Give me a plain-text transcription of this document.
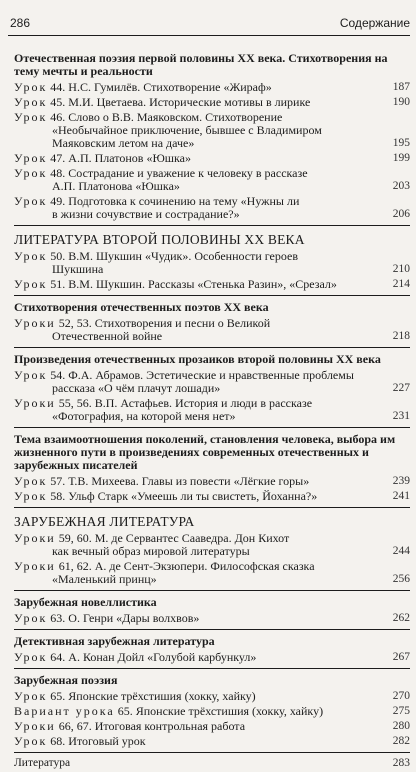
286	Содержание
Отечественная поэзия первой половины XX века. Стихотворения на тему мечты и реальности
Урок 44. Н.С. Гумилёв. Стихотворение «Жираф»	187
Урок 45. М.И. Цветаева. Исторические мотивы в лирике	190
Урок 46. Слово о В.В. Маяковском. Стихотворение
«Необычайное приключение, бывшее с Владимиром Маяковским летом на даче»	195
Урок 47. А.П. Платонов «Юшка»	199
Урок 48. Сострадание и уважение к человеку в рассказе
А.П. Платонова «Юшка»	203
Урок 49. Подготовка к сочинению на тему «Нужны ли
в жизни сочувствие и сострадание?»	206
ЛИТЕРАТУРА ВТОРОЙ ПОЛОВИНЫ XX ВЕКА
Урок 50. В.М. Шукшин «Чудик». Особенности героев
Шукшина	210
Урок 51. В.М. Шукшин. Рассказы «Стенька Разин», «Срезал»	214
Стихотворения отечественных поэтов XX века
Уроки 52, 53. Стихотворения и песни о Великой
Отечественной войне	218
Произведения отечественных прозаиков второй половины XX века
Урок 54. Ф.А. Абрамов. Эстетические и нравственные проблемы
рассказа «О чём плачут лошади»	227
Уроки 55, 56. В.П. Астафьев. История и люди в рассказе
«Фотография, на которой меня нет»	231
Тема взаимоотношения поколений, становления человека, выбора им жизненного пути в произведениях современных отечественных и зарубежных писателей
Урок 57. Т.В. Михеева. Главы из повести «Лёгкие горы»	239
Урок 58. Ульф Старк «Умеешь ли ты свистеть, Йоханна?»	241
ЗАРУБЕЖНАЯ ЛИТЕРАТУРА
Уроки 59, 60. М. де Сервантес Сааведра. Дон Кихот
как вечный образ мировой литературы	244
Уроки 61, 62. А. де Сент-Экзюпери. Философская сказка
«Маленький принц»	256
Зарубежная новеллистика
Урок 63. О. Генри «Дары волхвов»	262
Детективная зарубежная литература
Урок 64. А. Конан Дойл «Голубой карбункул»	267
Зарубежная поэзия
Урок 65. Японские трёхстишия (хокку, хайку)	270
Вариант урока 65. Японские трёхстишия (хокку, хайку)	275
Уроки 66, 67. Итоговая контрольная работа	280
Урок 68. Итоговый урок	282
Литература	283
